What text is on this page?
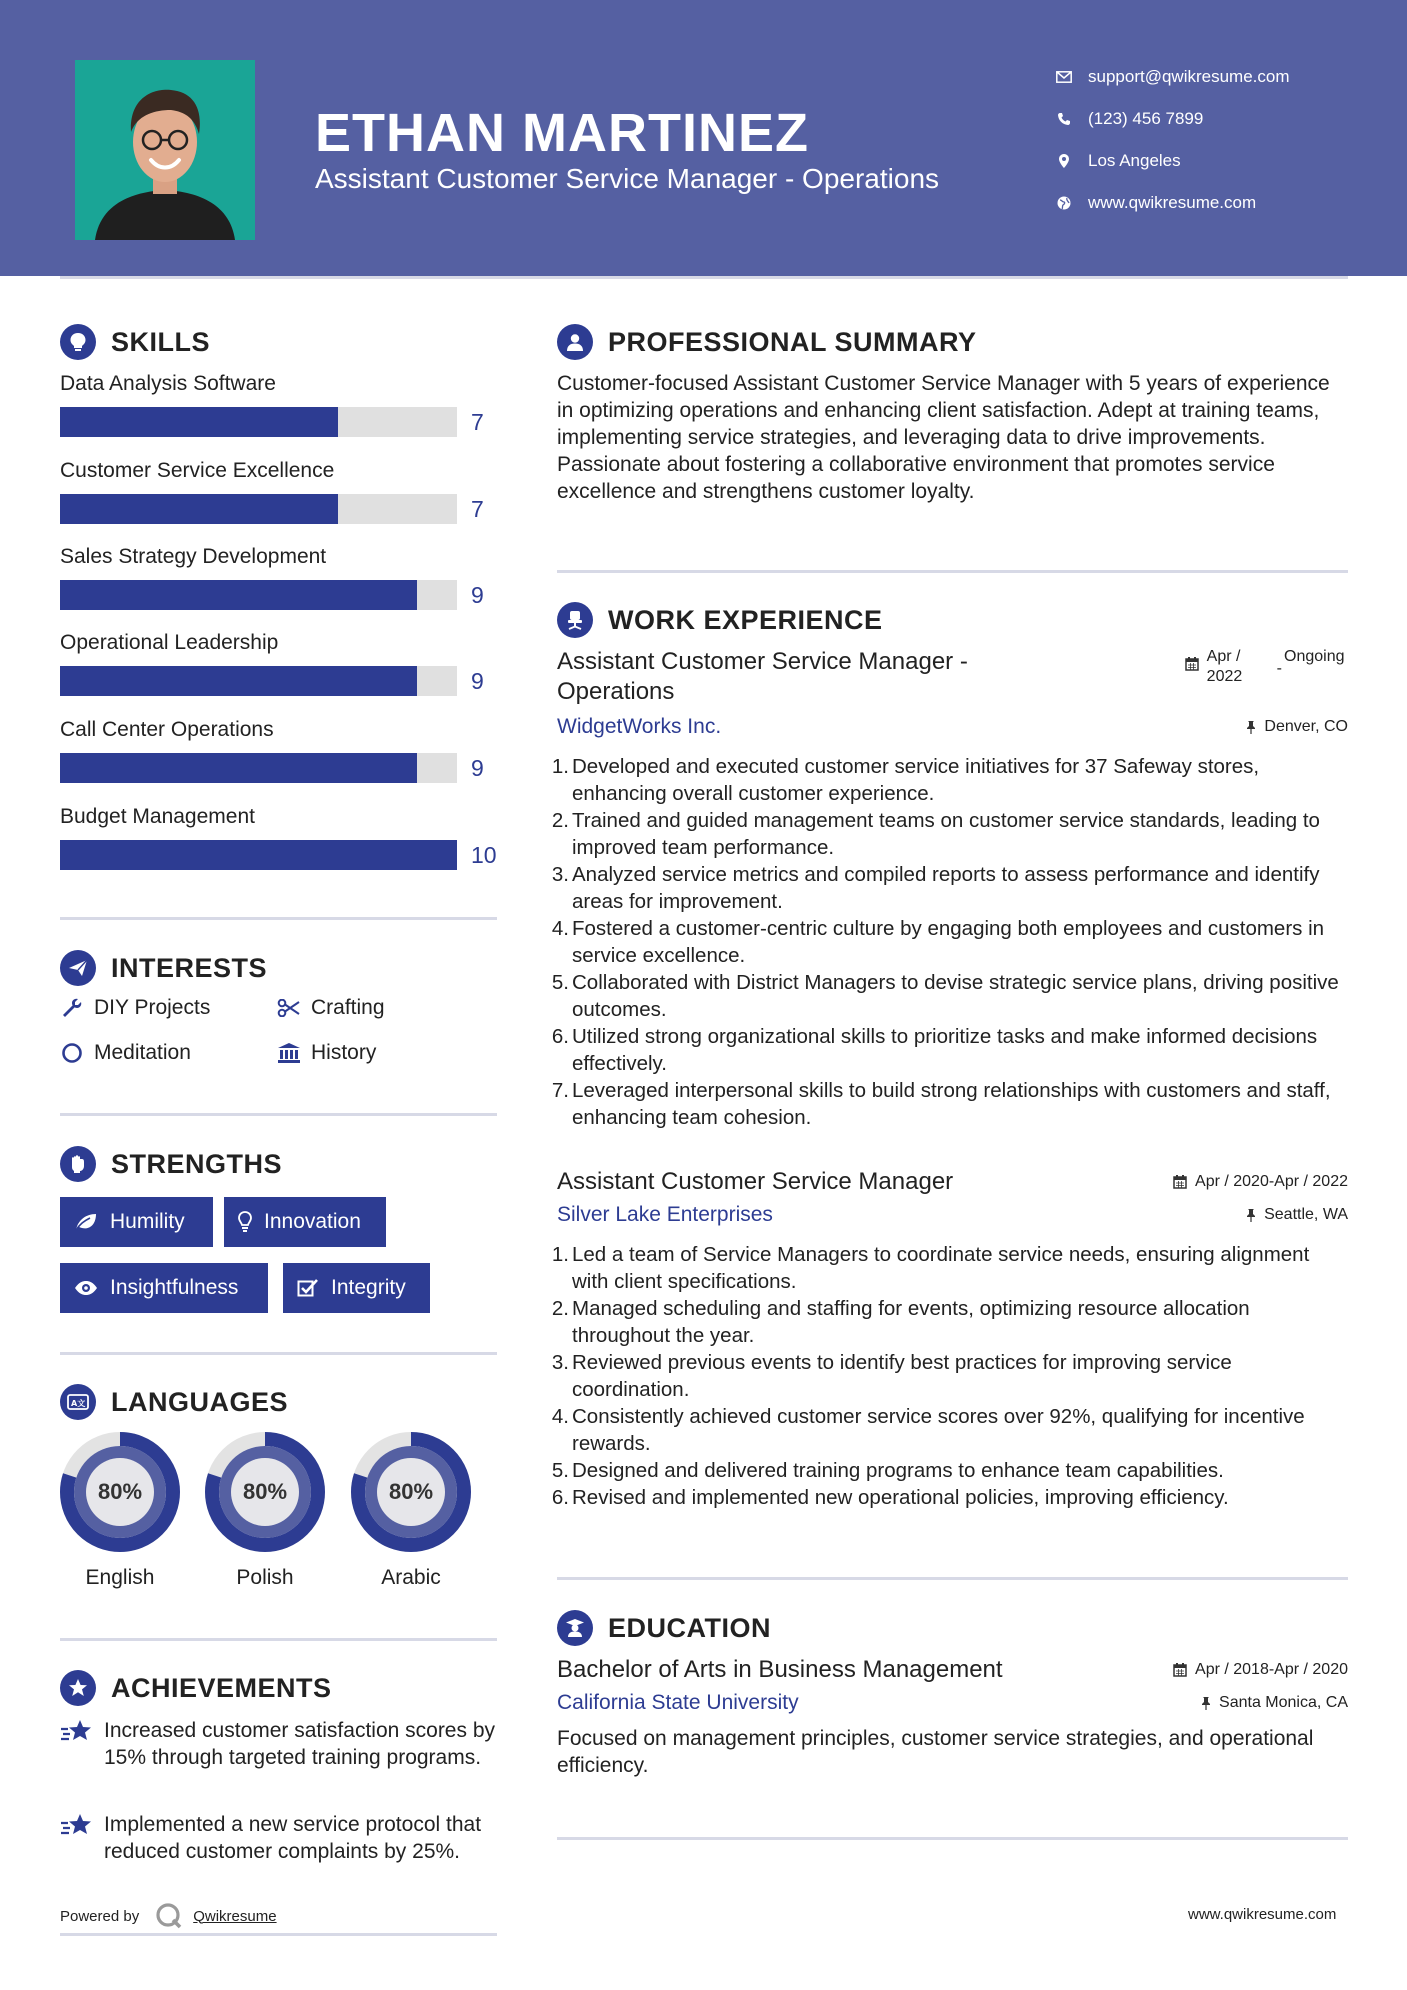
ETHAN MARTINEZ
Assistant Customer Service Manager - Operations
support@qwikresume.com
(123) 456 7899
Los Angeles
www.qwikresume.com
SKILLS
Data Analysis Software
7
Customer Service Excellence
7
Sales Strategy Development
9
Operational Leadership
9
Call Center Operations
9
Budget Management
10
INTERESTS
DIY Projects	Crafting
Meditation	History
STRENGTHS
Humility	Innovation
Insightfulness	Integrity
A文 LANGUAGES
80%
English
80%
Polish
80%
Arabic
ACHIEVEMENTS
Increased customer satisfaction scores by 15% through targeted training programs.
Implemented a new service protocol that reduced customer complaints by 25%.
Powered by	Qwikresume
PROFESSIONAL SUMMARY
Customer-focused Assistant Customer Service Manager with 5 years of experience in optimizing operations and enhancing client satisfaction. Adept at training teams, implementing service strategies, and leveraging data to drive improvements. Passionate about fostering a collaborative environment that promotes service excellence and strengthens customer loyalty.
WORK EXPERIENCE
Assistant Customer Service Manager - Operations
Apr / 2022	-
Ongoing
WidgetWorks Inc.	Denver, CO
1. Developed and executed customer service initiatives for 37 Safeway stores, enhancing overall customer experience.
2. Trained and guided management teams on customer service standards, leading to improved team performance.
3. Analyzed service metrics and compiled reports to assess performance and identify areas for improvement.
4. Fostered a customer-centric culture by engaging both employees and customers in service excellence.
5. Collaborated with District Managers to devise strategic service plans, driving positive outcomes.
6. Utilized strong organizational skills to prioritize tasks and make informed decisions effectively.
7. Leveraged interpersonal skills to build strong relationships with customers and staff, enhancing team cohesion.
Assistant Customer Service Manager	Apr / 2020-Apr / 2022
Silver Lake Enterprises	Seattle, WA
1. Led a team of Service Managers to coordinate service needs, ensuring alignment with client specifications.
2. Managed scheduling and staffing for events, optimizing resource allocation throughout the year.
3. Reviewed previous events to identify best practices for improving service coordination.
4. Consistently achieved customer service scores over 92%, qualifying for incentive rewards.
5. Designed and delivered training programs to enhance team capabilities.
6. Revised and implemented new operational policies, improving efficiency.
EDUCATION
Bachelor of Arts in Business Management	Apr / 2018-Apr / 2020
California State University	Santa Monica, CA
Focused on management principles, customer service strategies, and operational efficiency.
www.qwikresume.com
